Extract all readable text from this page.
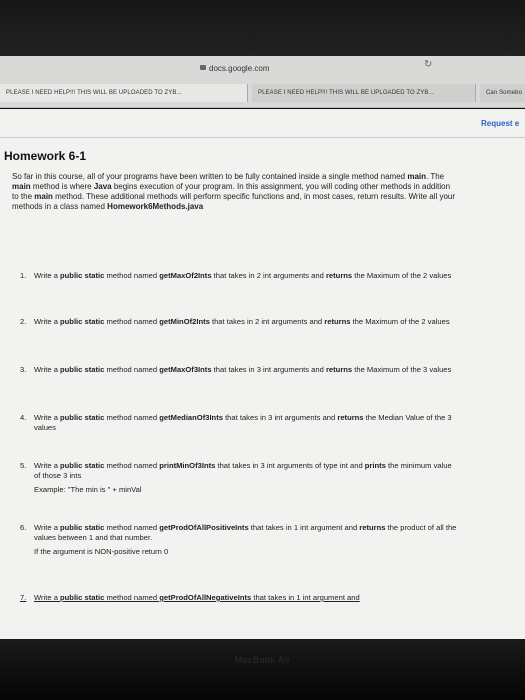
docs.google.com	↻
PLEASE I NEED HELP!!! THIS WILL BE UPLOADED TO ZYB...	PLEASE I NEED HELP!!! THIS WILL BE UPLOADED TO ZYB...	Can Somebo
Request e
Homework 6-1
So far in this course, all of your programs have been written to be fully contained inside a single method named main. The main method is where Java begins execution of your program. In this assignment, you will coding other methods in addition to the main method. These additional methods will perform specific functions and, in most cases, return results. Write all your methods in a class named Homework6Methods.java
1. Write a public static method named getMaxOf2Ints that takes in 2 int arguments and returns the Maximum of the 2 values
2. Write a public static method named getMinOf2Ints that takes in 2 int arguments and returns the Maximum of the 2 values
3. Write a public static method named getMaxOf3Ints that takes in 3 int arguments and returns the Maximum of the 3 values
4. Write a public static method named getMedianOf3Ints that takes in 3 int arguments and returns the Median Value of the 3 values
5. Write a public static method named printMinOf3Ints that takes in 3 int arguments of type int and prints the minimum value of those 3 ints
Example: "The min is " + minVal
6. Write a public static method named getProdOfAllPositiveInts that takes in 1 int argument and returns the product of all the values between 1 and that number.
If the argument is NON-positive return 0
7. Write a public static method named getProdOfAllNegativeInts that takes in 1 int argument and
MacBook Air
